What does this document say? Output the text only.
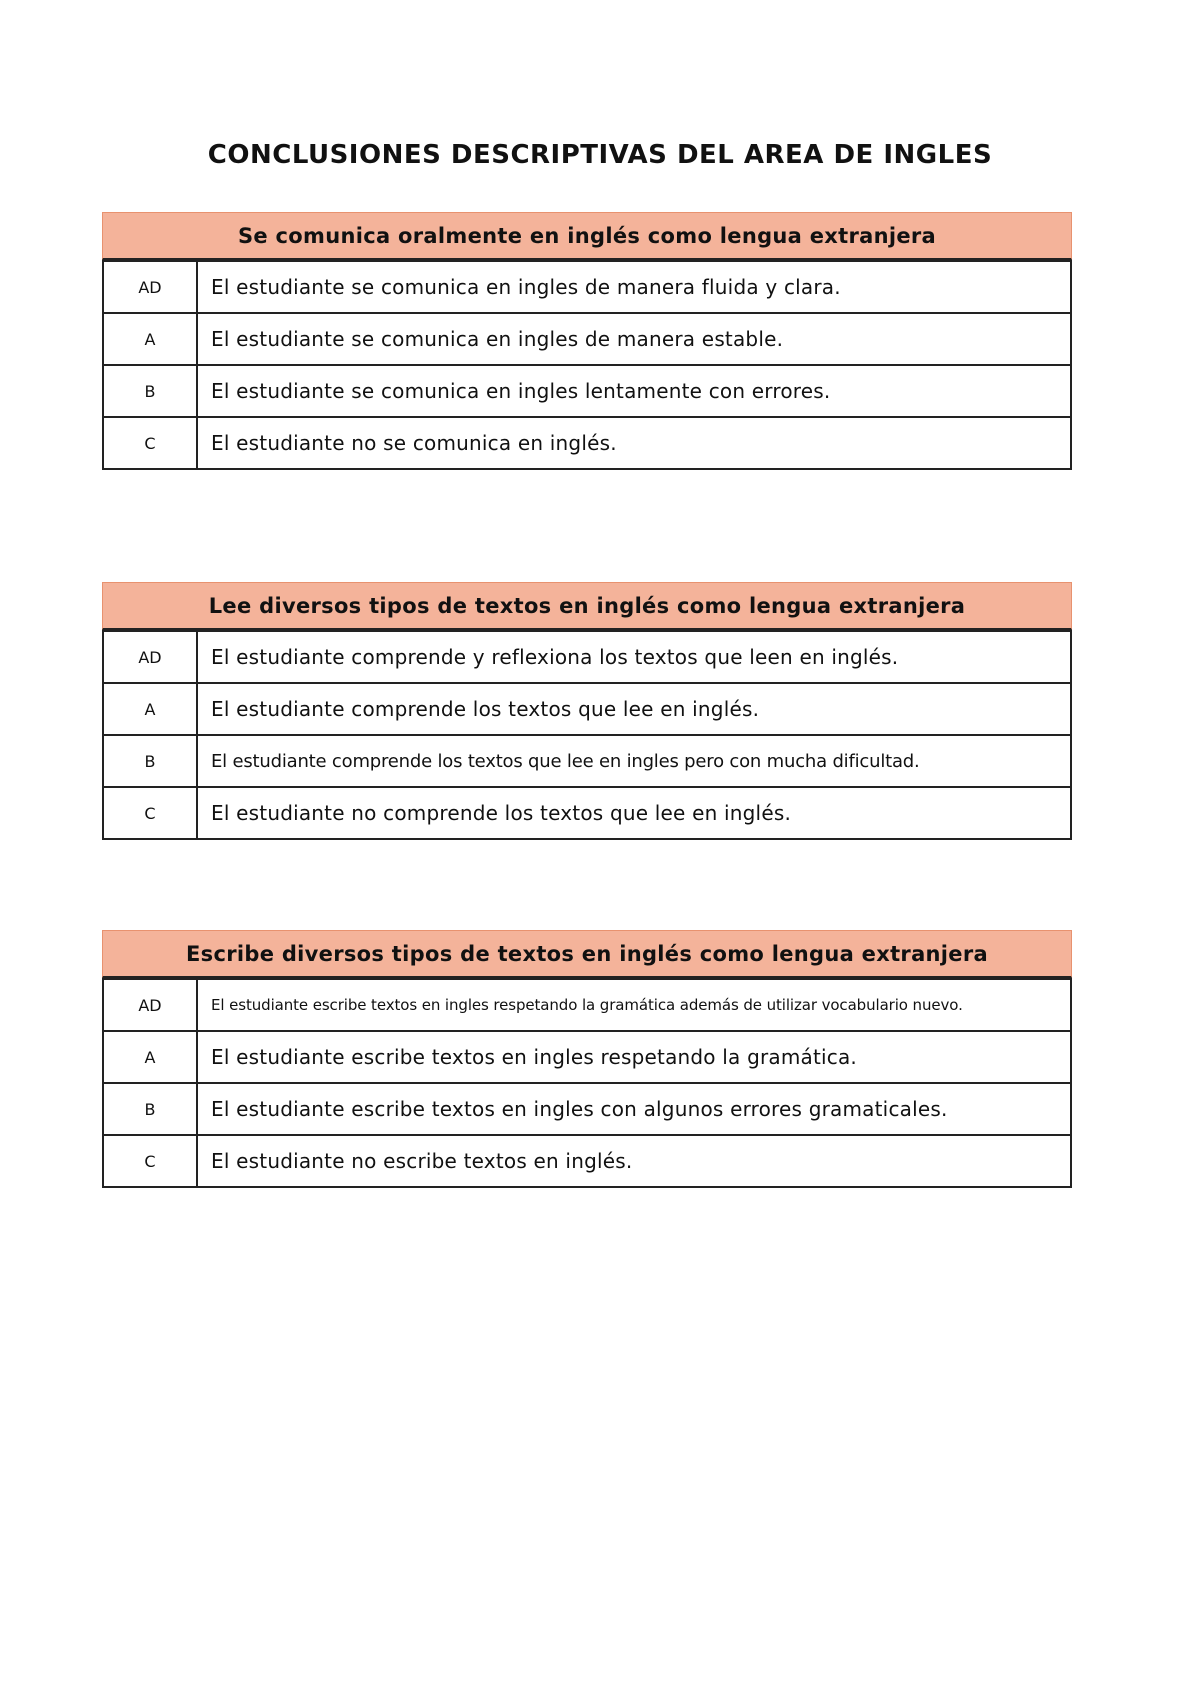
CONCLUSIONES DESCRIPTIVAS DEL AREA DE INGLES
Se comunica oralmente en inglés como lengua extranjera
AD	El estudiante se comunica en ingles de manera fluida y clara.
A	El estudiante se comunica en ingles de manera estable.
B	El estudiante se comunica en ingles lentamente con errores.
C	El estudiante no se comunica en inglés.
Lee diversos tipos de textos en inglés como lengua extranjera
AD	El estudiante comprende y reflexiona los textos que leen en inglés.
A	El estudiante comprende los textos que lee en inglés.
B	El estudiante comprende los textos que lee en ingles pero con mucha dificultad.
C	El estudiante no comprende los textos que lee en inglés.
Escribe diversos tipos de textos en inglés como lengua extranjera
AD	El estudiante escribe textos en ingles respetando la gramática además de utilizar vocabulario nuevo.
A	El estudiante escribe textos en ingles respetando la gramática.
B	El estudiante escribe textos en ingles con algunos errores gramaticales.
C	El estudiante no escribe textos en inglés.
